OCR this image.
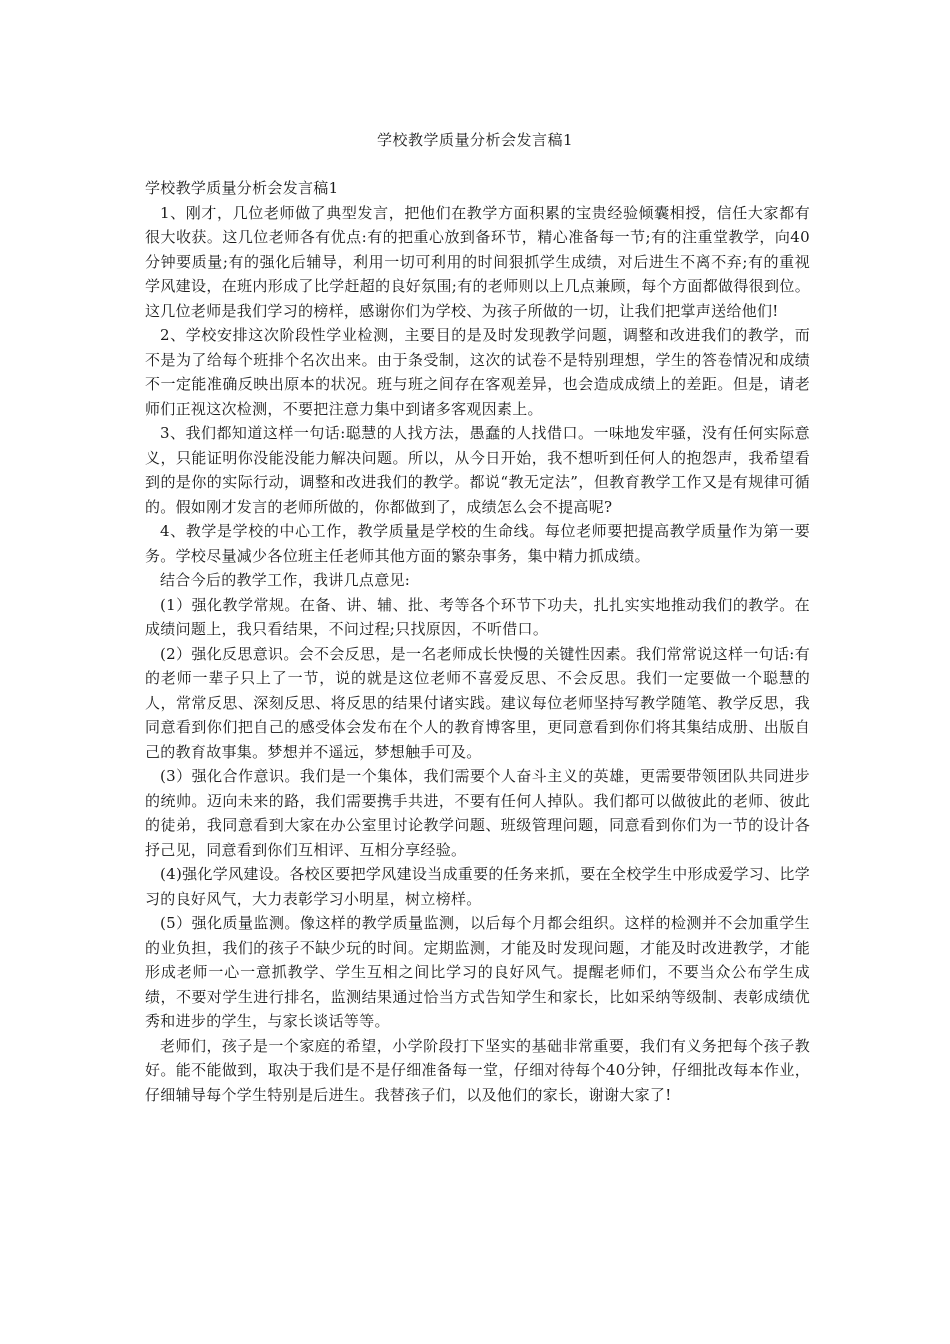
学校教学质量分析会发言稿1

学校教学质量分析会发言稿1

1、刚才，几位老师做了典型发言，把他们在教学方面积累的宝贵经验倾囊相授，信任大家都有很大收获。这几位老师各有优点:有的把重心放到备环节，精心准备每一节;有的注重堂教学，向40分钟要质量;有的强化后辅导，利用一切可利用的时间狠抓学生成绩，对后进生不离不弃;有的重视学风建设，在班内形成了比学赶超的良好氛围;有的老师则以上几点兼顾，每个方面都做得很到位。这几位老师是我们学习的榜样，感谢你们为学校、为孩子所做的一切，让我们把掌声送给他们!

2、学校安排这次阶段性学业检测，主要目的是及时发现教学问题，调整和改进我们的教学，而不是为了给每个班排个名次出来。由于条受制，这次的试卷不是特别理想，学生的答卷情况和成绩不一定能准确反映出原本的状况。班与班之间存在客观差异，也会造成成绩上的差距。但是，请老师们正视这次检测，不要把注意力集中到诸多客观因素上。

3、我们都知道这样一句话:聪慧的人找方法，愚蠢的人找借口。一味地发牢骚，没有任何实际意义，只能证明你没能没能力解决问题。所以，从今日开始，我不想听到任何人的抱怨声，我希望看到的是你的实际行动，调整和改进我们的教学。都说“教无定法”，但教育教学工作又是有规律可循的。假如刚才发言的老师所做的，你都做到了，成绩怎么会不提高呢?

4、教学是学校的中心工作，教学质量是学校的生命线。每位老师要把提高教学质量作为第一要务。学校尽量减少各位班主任老师其他方面的繁杂事务，集中精力抓成绩。

结合今后的教学工作，我讲几点意见:

(1）强化教学常规。在备、讲、辅、批、考等各个环节下功夫，扎扎实实地推动我们的教学。在成绩问题上，我只看结果，不问过程;只找原因，不听借口。

(2）强化反思意识。会不会反思，是一名老师成长快慢的关键性因素。我们常常说这样一句话:有的老师一辈子只上了一节，说的就是这位老师不喜爱反思、不会反思。我们一定要做一个聪慧的人，常常反思、深刻反思、将反思的结果付诸实践。建议每位老师坚持写教学随笔、教学反思，我同意看到你们把自己的感受体会发布在个人的教育博客里，更同意看到你们将其集结成册、出版自己的教育故事集。梦想并不遥远，梦想触手可及。

(3）强化合作意识。我们是一个集体，我们需要个人奋斗主义的英雄，更需要带领团队共同进步的统帅。迈向未来的路，我们需要携手共进，不要有任何人掉队。我们都可以做彼此的老师、彼此的徒弟，我同意看到大家在办公室里讨论教学问题、班级管理问题，同意看到你们为一节的设计各抒己见，同意看到你们互相评、互相分享经验。

(4)强化学风建设。各校区要把学风建设当成重要的任务来抓，要在全校学生中形成爱学习、比学习的良好风气，大力表彰学习小明星，树立榜样。

(5）强化质量监测。像这样的教学质量监测，以后每个月都会组织。这样的检测并不会加重学生的业负担，我们的孩子不缺少玩的时间。定期监测，才能及时发现问题，才能及时改进教学，才能形成老师一心一意抓教学、学生互相之间比学习的良好风气。提醒老师们，不要当众公布学生成绩，不要对学生进行排名，监测结果通过恰当方式告知学生和家长，比如采纳等级制、表彰成绩优秀和进步的学生，与家长谈话等等。

老师们，孩子是一个家庭的希望，小学阶段打下坚实的基础非常重要，我们有义务把每个孩子教好。能不能做到，取决于我们是不是仔细准备每一堂，仔细对待每个40分钟，仔细批改每本作业，仔细辅导每个学生特别是后进生。我替孩子们，以及他们的家长，谢谢大家了!
